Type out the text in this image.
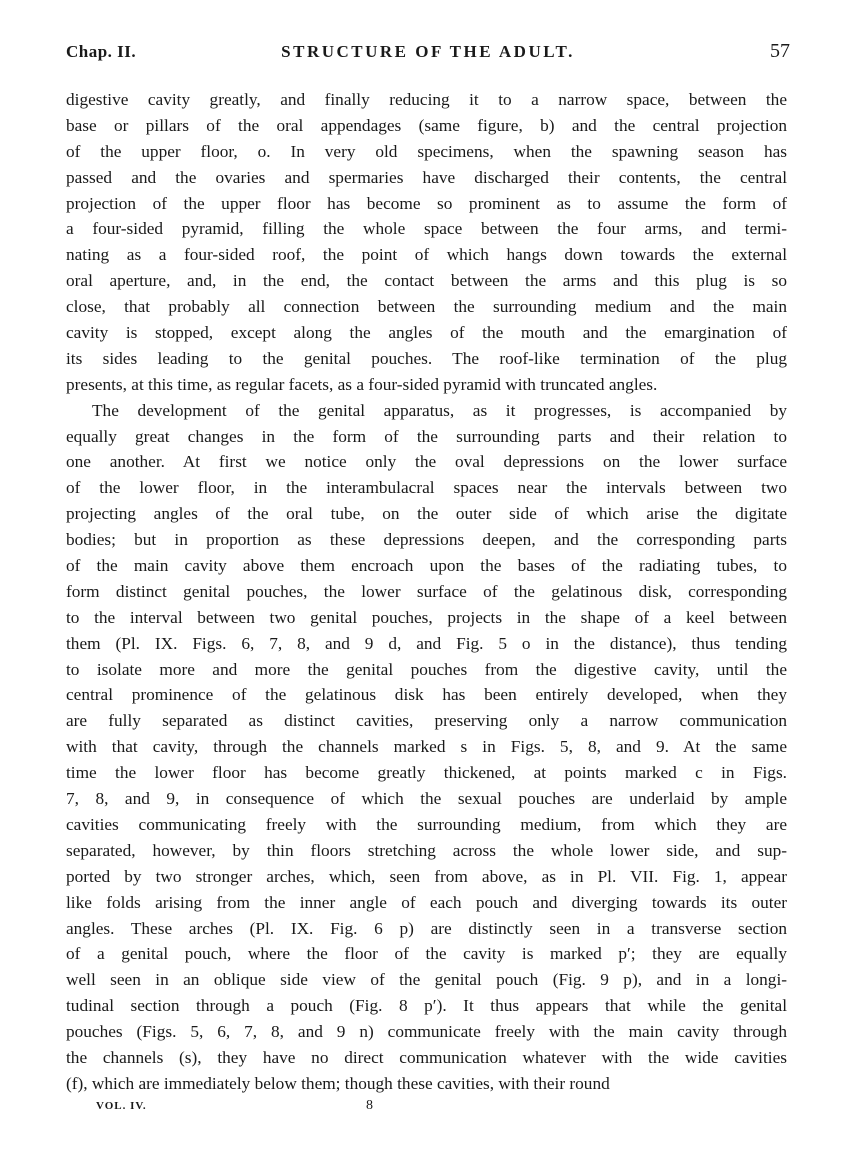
Chap. II.	STRUCTURE OF THE ADULT.	57
digestive cavity greatly, and finally reducing it to a narrow space, between the
base or pillars of the oral appendages (same figure, b) and the central projection
of the upper floor, o. In very old specimens, when the spawning season has
passed and the ovaries and spermaries have discharged their contents, the central
projection of the upper floor has become so prominent as to assume the form of
a four-sided pyramid, filling the whole space between the four arms, and termi-
nating as a four-sided roof, the point of which hangs down towards the external
oral aperture, and, in the end, the contact between the arms and this plug is so
close, that probably all connection between the surrounding medium and the main
cavity is stopped, except along the angles of the mouth and the emargination of
its sides leading to the genital pouches. The roof-like termination of the plug
presents, at this time, as regular facets, as a four-sided pyramid with truncated angles.
The development of the genital apparatus, as it progresses, is accompanied by
equally great changes in the form of the surrounding parts and their relation to
one another. At first we notice only the oval depressions on the lower surface
of the lower floor, in the interambulacral spaces near the intervals between two
projecting angles of the oral tube, on the outer side of which arise the digitate
bodies; but in proportion as these depressions deepen, and the corresponding parts
of the main cavity above them encroach upon the bases of the radiating tubes, to
form distinct genital pouches, the lower surface of the gelatinous disk, corresponding
to the interval between two genital pouches, projects in the shape of a keel between
them (Pl. IX. Figs. 6, 7, 8, and 9 d, and Fig. 5 o in the distance), thus tending
to isolate more and more the genital pouches from the digestive cavity, until the
central prominence of the gelatinous disk has been entirely developed, when they
are fully separated as distinct cavities, preserving only a narrow communication
with that cavity, through the channels marked s in Figs. 5, 8, and 9. At the same
time the lower floor has become greatly thickened, at points marked c in Figs.
7, 8, and 9, in consequence of which the sexual pouches are underlaid by ample
cavities communicating freely with the surrounding medium, from which they are
separated, however, by thin floors stretching across the whole lower side, and sup-
ported by two stronger arches, which, seen from above, as in Pl. VII. Fig. 1, appear
like folds arising from the inner angle of each pouch and diverging towards its outer
angles. These arches (Pl. IX. Fig. 6 p) are distinctly seen in a transverse section
of a genital pouch, where the floor of the cavity is marked p′; they are equally
well seen in an oblique side view of the genital pouch (Fig. 9 p), and in a longi-
tudinal section through a pouch (Fig. 8 p′). It thus appears that while the genital
pouches (Figs. 5, 6, 7, 8, and 9 n) communicate freely with the main cavity through
the channels (s), they have no direct communication whatever with the wide cavities
(f), which are immediately below them; though these cavities, with their round
VOL. IV.	8
